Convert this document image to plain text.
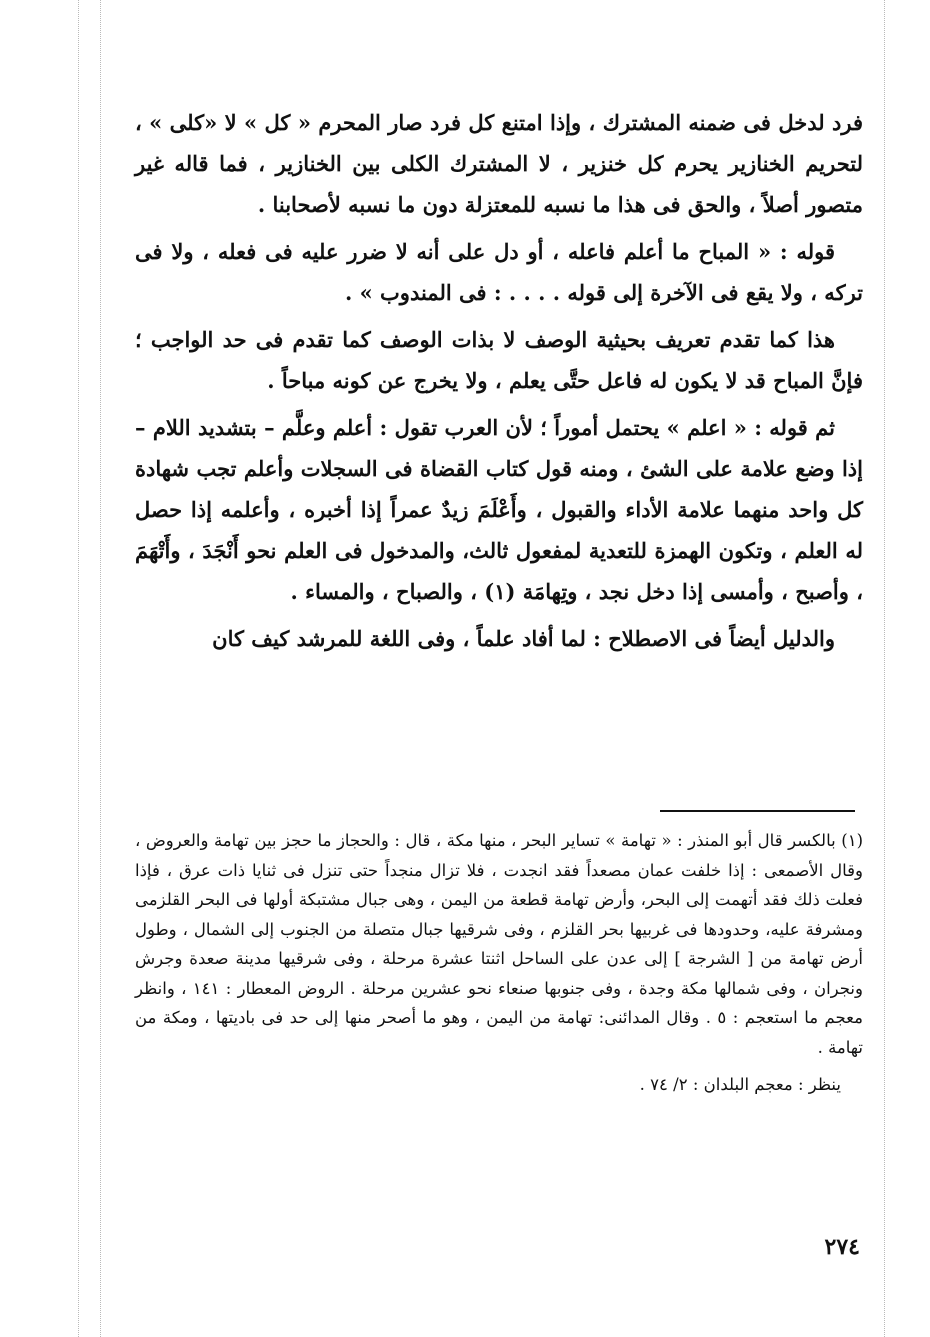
فرد لدخل فى ضمنه المشترك ، وإذا امتنع كل فرد صار المحرم « كل » لا «كلى » ، لتحريم الخنازير يحرم كل خنزير ، لا المشترك الكلى بين الخنازير ، فما قاله غير متصور أصلاً ، والحق فى هذا ما نسبه للمعتزلة دون ما نسبه لأصحابنا .

قوله : « المباح ما أعلم فاعله ، أو دل على أنه لا ضرر عليه فى فعله ، ولا فى تركه ، ولا يقع فى الآخرة إلى قوله . . . . : فى المندوب » .

هذا كما تقدم تعريف بحيثية الوصف لا بذات الوصف كما تقدم فى حد الواجب ؛ فإنَّ المباح قد لا يكون له فاعل حتَّى يعلم ، ولا يخرج عن كونه مباحاً .

ثم قوله : « اعلم » يحتمل أموراً ؛ لأن العرب تقول : أعلم وعلَّم – بتشديد اللام – إذا وضع علامة على الشئ ، ومنه قول كتاب القضاة فى السجلات وأعلم تجب شهادة كل واحد منهما علامة الأداء والقبول ، وأَعْلَمَ زيدٌ عمراً إذا أخبره ، وأعلمه إذا حصل له العلم ، وتكون الهمزة للتعدية لمفعول ثالث، والمدخول فى العلم نحو أَنْجَدَ ، وأَتْهَمَ ، وأصبح ، وأمسى إذا دخل نجد ، وتِهامَة (١) ، والصباح ، والمساء .

والدليل أيضاً فى الاصطلاح : لما أفاد علماً ، وفى اللغة للمرشد كيف كان

(١) بالكسر قال أبو المنذر : « تهامة » تساير البحر ، منها مكة ، قال : والحجاز ما حجز بين تهامة والعروض ، وقال الأصمعى : إذا خلفت عمان مصعداً فقد انجدت ، فلا تزال منجداً حتى تنزل فى ثنايا ذات عرق ، فإذا فعلت ذلك فقد أتهمت إلى البحر، وأرض تهامة قطعة من اليمن ، وهى جبال مشتبكة أولها فى البحر القلزمى ومشرفة عليه، وحدودها فى غربيها بحر القلزم ، وفى شرقيها جبال متصلة من الجنوب إلى الشمال ، وطول أرض تهامة من [ الشرجة ] إلى عدن على الساحل اثنتا عشرة مرحلة ، وفى شرقيها مدينة صعدة وجرش ونجران ، وفى شمالها مكة وجدة ، وفى جنوبها صنعاء نحو عشرين مرحلة . الروض المعطار : ١٤١ ، وانظر معجم ما استعجم : ٥ . وقال المدائنى: تهامة من اليمن ، وهو ما أصحر منها إلى حد فى باديتها ، ومكة من تهامة .

ينظر : معجم البلدان : ٢/ ٧٤ .

٢٧٤
